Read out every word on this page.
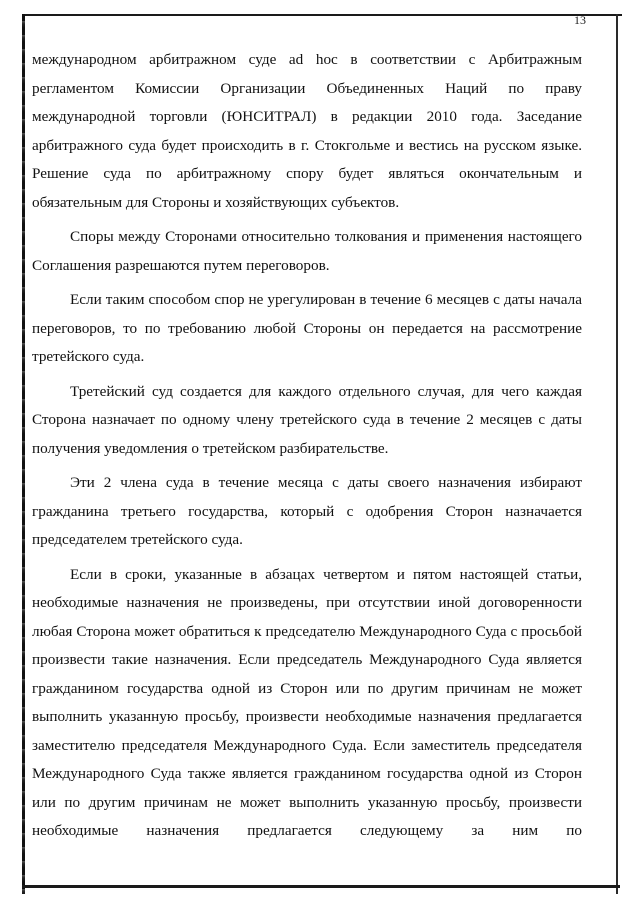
13

международном арбитражном суде ad hoc в соответствии с Арбитражным регламентом Комиссии Организации Объединенных Наций по праву международной торговли (ЮНСИТРАЛ) в редакции 2010 года. Заседание арбитражного суда будет происходить в г. Стокгольме и вестись на русском языке. Решение суда по арбитражному спору будет являться окончательным и обязательным для Стороны и хозяйствующих субъектов.

Споры между Сторонами относительно толкования и применения настоящего Соглашения разрешаются путем переговоров.

Если таким способом спор не урегулирован в течение 6 месяцев с даты начала переговоров, то по требованию любой Стороны он передается на рассмотрение третейского суда.

Третейский суд создается для каждого отдельного случая, для чего каждая Сторона назначает по одному члену третейского суда в течение 2 месяцев с даты получения уведомления о третейском разбирательстве.

Эти 2 члена суда в течение месяца с даты своего назначения избирают гражданина третьего государства, который с одобрения Сторон назначается председателем третейского суда.

Если в сроки, указанные в абзацах четвертом и пятом настоящей статьи, необходимые назначения не произведены, при отсутствии иной договоренности любая Сторона может обратиться к председателю Международного Суда с просьбой произвести такие назначения. Если председатель Международного Суда является гражданином государства одной из Сторон или по другим причинам не может выполнить указанную просьбу, произвести необходимые назначения предлагается заместителю председателя Международного Суда. Если заместитель председателя Международного Суда также является гражданином государства одной из Сторон или по другим причинам не может выполнить указанную просьбу, произвести необходимые назначения предлагается следующему за ним по
